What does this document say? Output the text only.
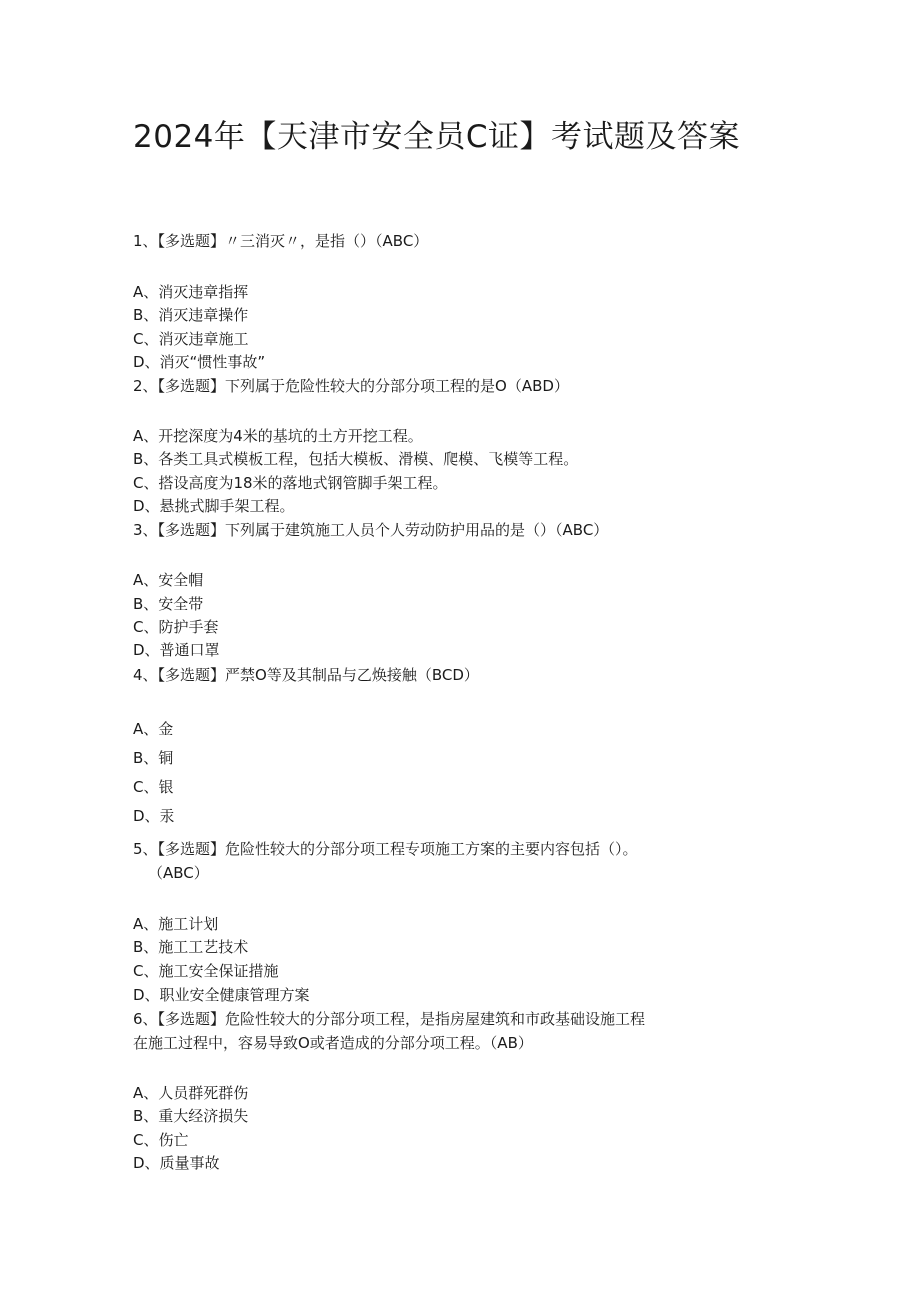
2024年【天津市安全员C证】考试题及答案

1、【多选题】〃三消灭〃，是指（）（ABC）

A、消灭违章指挥

B、消灭违章操作

C、消灭违章施工

D、消灭“惯性事故”

2、【多选题】下列属于危险性较大的分部分项工程的是O（ABD）

A、开挖深度为4米的基坑的土方开挖工程。

B、各类工具式模板工程，包括大模板、滑模、爬模、飞模等工程。

C、搭设高度为18米的落地式钢管脚手架工程。

D、悬挑式脚手架工程。

3、【多选题】下列属于建筑施工人员个人劳动防护用品的是（）（ABC）

A、安全帽

B、安全带

C、防护手套

D、普通口罩

4、【多选题】严禁O等及其制品与乙焕接触（BCD）

A、金

B、铜

C、银

D、汞

5、【多选题】危险性较大的分部分项工程专项施工方案的主要内容包括（）。

（ABC）

A、施工计划

B、施工工艺技术

C、施工安全保证措施

D、职业安全健康管理方案

6、【多选题】危险性较大的分部分项工程，是指房屋建筑和市政基础设施工程

在施工过程中，容易导致O或者造成的分部分项工程。（AB）

A、人员群死群伤

B、重大经济损失

C、伤亡

D、质量事故
